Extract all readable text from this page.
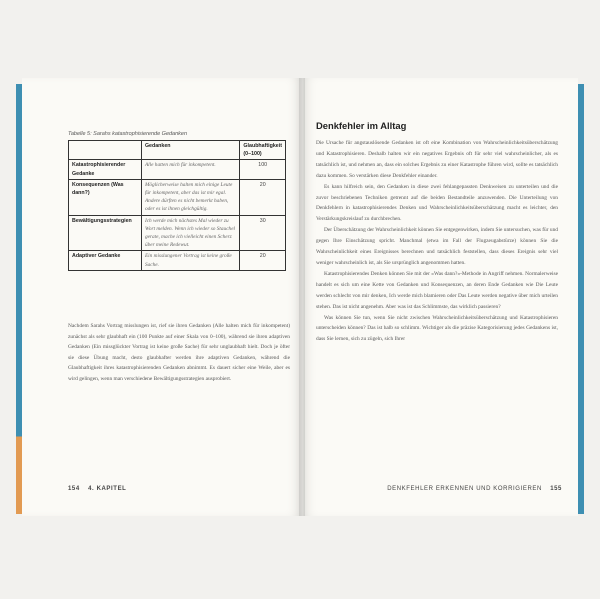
Tabelle 5: Sarahs katastrophisierende Gedanken
	Gedanken	Glaubhaftigkeit (0–100)
Katastrophisierender Gedanke	Alle hatten mich für inkompetent.	100
Konsequenzen (Was dann?)	Möglicherweise halten mich einige Leute für inkompetent, aber das ist mir egal. Andere dürften es nicht bemerkt haben, oder es ist ihnen gleichgültig.	20
Bewältigungsstrategien	Ich werde mich nächstes Mal wieder zu Wort melden. Wenn ich wieder so Stauchel gerate, mache ich vielleicht einen Scherz über meine Redewut.	30
Adaptiver Gedanke	Ein misslungener Vortrag ist keine große Sache.	20
Nachdem Sarahs Vortrag misslungen ist, rief sie ihren Gedanken (Alle halten mich für inkompetent) zunächst als sehr glaubhaft ein (100 Punkte auf einer Skala von 0–100), während sie ihren adaptiven Gedanken (Ein missglückter Vortrag ist keine große Sache) für sehr unglaubhaft hielt. Doch je öfter sie diese Übung macht, desto glaubhafter werden ihre adaptiven Gedanken, während die Glaubhaftigkeit ihres katastrophisierenden Gedanken abnimmt. Es dauert sicher eine Weile, aber es wird gelingen, wenn man verschiedene Bewältigungsstrategien ausprobiert.
154 4. KAPITEL
Denkfehler im Alltag

Die Ursache für angstauslösende Gedanken ist oft eine Kombination von Wahrscheinlichkeitsüberschätzung und Katastrophisieren. Deshalb halten wir ein negatives Ergebnis oft für sehr viel wahrscheinlicher, als es tatsächlich ist, und nehmen an, dass ein solches Ergebnis zu einer Katastrophe führen wird, sollte es tatsächlich dazu kommen. So verstärken diese Denkfehler einander.

Es kann hilfreich sein, den Gedanken in diese zwei fehlangepassten Denkweisen zu unterteilen und die zuvor beschriebenen Techniken getrennt auf die beiden Bestandteile anzuwenden. Die Unterteilung von Denkfehlern in katastrophisierendes Denken und Wahrscheinlichkeitsüberschätzung macht es leichter, den Verstärkungskreislauf zu durchbrechen.

Der Überschätzung der Wahrscheinlichkeit können Sie entgegenwirken, indem Sie untersuchen, was für und gegen Ihre Einschätzung spricht. Manchmal (etwa im Fall der Flugzeugabstürze) können Sie die Wahrscheinlichkeit eines Ereignisses berechnen und tatsächlich feststellen, dass dieses Ereignis sehr viel weniger wahrscheinlich ist, als Sie ursprünglich angenommen hatten.

Katastrophisierendes Denken können Sie mit der »Was dann?«-Methode in Angriff nehmen. Normalerweise handelt es sich um eine Kette von Gedanken und Konsequenzen, an deren Ende Gedanken wie Die Leute werden schlecht von mir denken, Ich werde mich blamieren oder Das Leute werden negative über mich urteilen stehen. Das ist nicht angenehm. Aber was ist das Schlimmste, das wirklich passieren?

Was können Sie tun, wenn Sie nicht zwischen Wahrscheinlichkeitsüberschätzung und Katastrophisieren unterscheiden können? Das ist halb so schlimm. Wichtiger als die präzise Kategorisierung jedes Gedankens ist, dass Sie lernen, sich zu zügeln, sich Ihrer

DENKFEHLER ERKENNEN UND KORRIGIEREN 155
